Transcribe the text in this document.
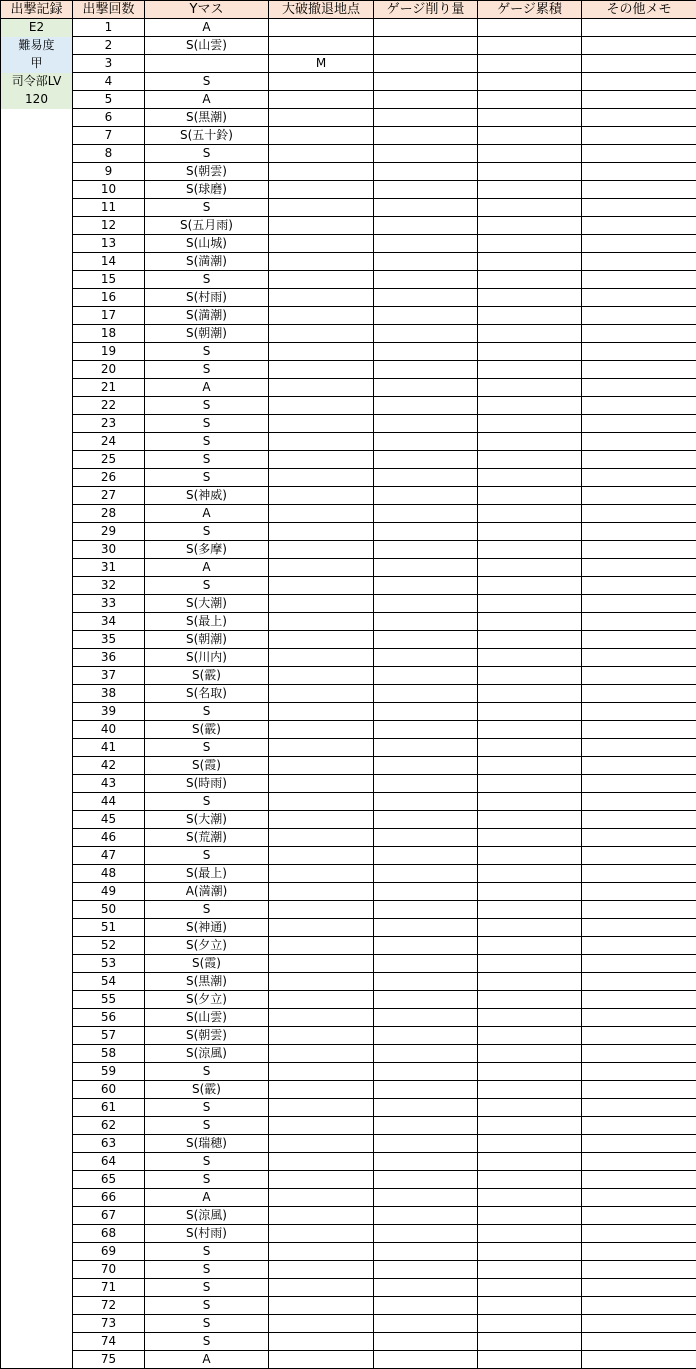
出撃記録	出撃回数	Yマス	大破撤退地点	ゲージ削り量	ゲージ累積	その他メモ
E2	1	A				
難易度	2	S(山雲)				
甲	3		M			
司令部LV	4	S				
120	5	A				
	6	S(黒潮)				
	7	S(五十鈴)				
	8	S				
	9	S(朝雲)				
	10	S(球磨)				
	11	S				
	12	S(五月雨)				
	13	S(山城)				
	14	S(満潮)				
	15	S				
	16	S(村雨)				
	17	S(満潮)				
	18	S(朝潮)				
	19	S				
	20	S				
	21	A				
	22	S				
	23	S				
	24	S				
	25	S				
	26	S				
	27	S(神威)				
	28	A				
	29	S				
	30	S(多摩)				
	31	A				
	32	S				
	33	S(大潮)				
	34	S(最上)				
	35	S(朝潮)				
	36	S(川内)				
	37	S(霰)				
	38	S(名取)				
	39	S				
	40	S(霰)				
	41	S				
	42	S(霞)				
	43	S(時雨)				
	44	S				
	45	S(大潮)				
	46	S(荒潮)				
	47	S				
	48	S(最上)				
	49	A(満潮)				
	50	S				
	51	S(神通)				
	52	S(夕立)				
	53	S(霞)				
	54	S(黒潮)				
	55	S(夕立)				
	56	S(山雲)				
	57	S(朝雲)				
	58	S(涼風)				
	59	S				
	60	S(霰)				
	61	S				
	62	S				
	63	S(瑞穂)				
	64	S				
	65	S				
	66	A				
	67	S(涼風)				
	68	S(村雨)				
	69	S				
	70	S				
	71	S				
	72	S				
	73	S				
	74	S				
	75	A				
